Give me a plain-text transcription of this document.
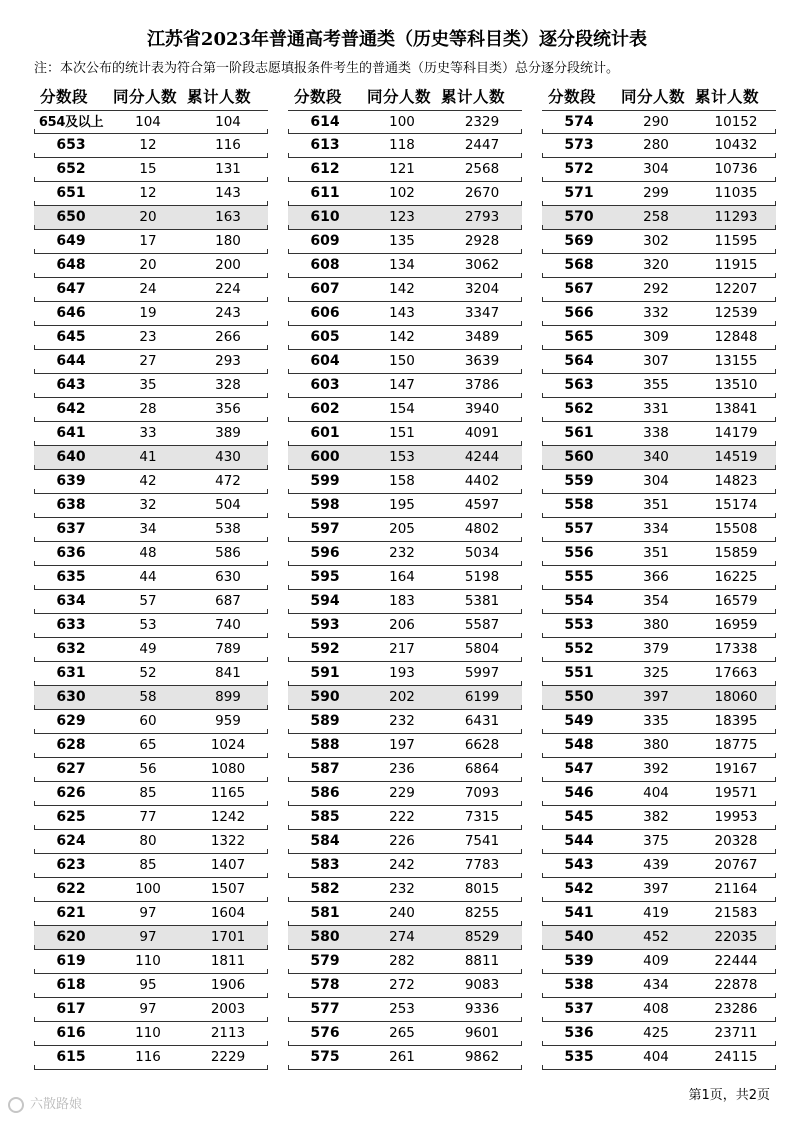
江苏省2023年普通高考普通类（历史等科目类）逐分段统计表
注：本次公布的统计表为符合第一阶段志愿填报条件考生的普通类（历史等科目类）总分逐分段统计。
分数段 同分人数 累计人数
654及以上	104	104
653	12	116
652	15	131
651	12	143
650	20	163
649	17	180
648	20	200
647	24	224
646	19	243
645	23	266
644	27	293
643	35	328
642	28	356
641	33	389
640	41	430
639	42	472
638	32	504
637	34	538
636	48	586
635	44	630
634	57	687
633	53	740
632	49	789
631	52	841
630	58	899
629	60	959
628	65	1024
627	56	1080
626	85	1165
625	77	1242
624	80	1322
623	85	1407
622	100	1507
621	97	1604
620	97	1701
619	110	1811
618	95	1906
617	97	2003
616	110	2113
615	116	2229
分数段 同分人数 累计人数
614	100	2329
613	118	2447
612	121	2568
611	102	2670
610	123	2793
609	135	2928
608	134	3062
607	142	3204
606	143	3347
605	142	3489
604	150	3639
603	147	3786
602	154	3940
601	151	4091
600	153	4244
599	158	4402
598	195	4597
597	205	4802
596	232	5034
595	164	5198
594	183	5381
593	206	5587
592	217	5804
591	193	5997
590	202	6199
589	232	6431
588	197	6628
587	236	6864
586	229	7093
585	222	7315
584	226	7541
583	242	7783
582	232	8015
581	240	8255
580	274	8529
579	282	8811
578	272	9083
577	253	9336
576	265	9601
575	261	9862
分数段 同分人数 累计人数
574	290	10152
573	280	10432
572	304	10736
571	299	11035
570	258	11293
569	302	11595
568	320	11915
567	292	12207
566	332	12539
565	309	12848
564	307	13155
563	355	13510
562	331	13841
561	338	14179
560	340	14519
559	304	14823
558	351	15174
557	334	15508
556	351	15859
555	366	16225
554	354	16579
553	380	16959
552	379	17338
551	325	17663
550	397	18060
549	335	18395
548	380	18775
547	392	19167
546	404	19571
545	382	19953
544	375	20328
543	439	20767
542	397	21164
541	419	21583
540	452	22035
539	409	22444
538	434	22878
537	408	23286
536	425	23711
535	404	24115
六散路娘
第1页，共2页
